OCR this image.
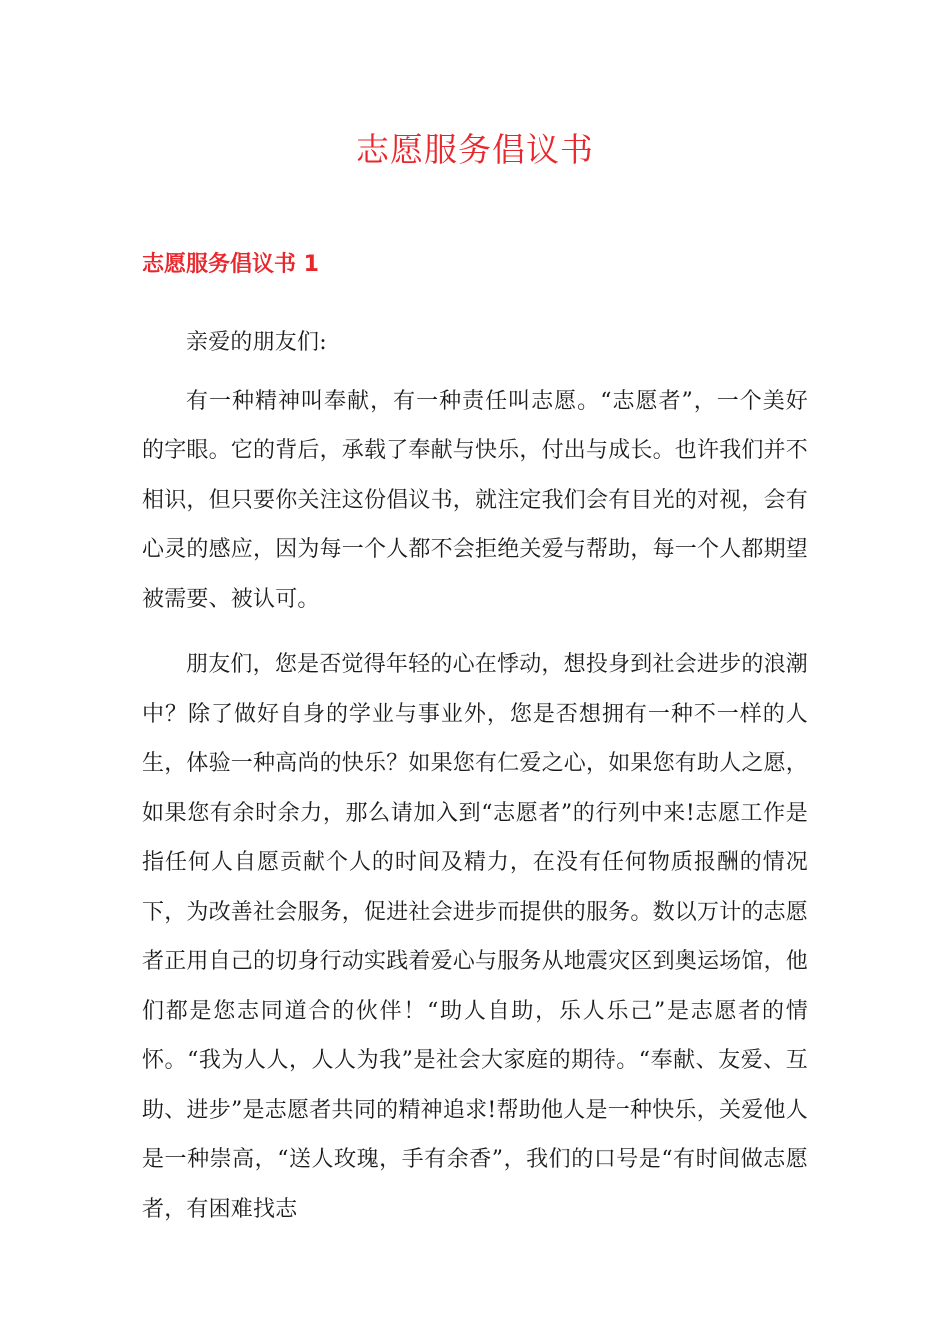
志愿服务倡议书
志愿服务倡议书 1

亲爱的朋友们:

有一种精神叫奉献，有一种责任叫志愿。“志愿者”，一个美好的字眼。它的背后，承载了奉献与快乐，付出与成长。也许我们并不相识，但只要你关注这份倡议书，就注定我们会有目光的对视，会有心灵的感应，因为每一个人都不会拒绝关爱与帮助，每一个人都期望被需要、被认可。

朋友们，您是否觉得年轻的心在悸动，想投身到社会进步的浪潮中？除了做好自身的学业与事业外，您是否想拥有一种不一样的人生，体验一种高尚的快乐？如果您有仁爱之心，如果您有助人之愿，如果您有余时余力，那么请加入到“志愿者”的行列中来!志愿工作是指任何人自愿贡献个人的时间及精力，在没有任何物质报酬的情况下，为改善社会服务，促进社会进步而提供的服务。数以万计的志愿者正用自己的切身行动实践着爱心与服务从地震灾区到奥运场馆，他们都是您志同道合的伙伴！“助人自助，乐人乐己”是志愿者的情怀。“我为人人，人人为我”是社会大家庭的期待。“奉献、友爱、互助、进步”是志愿者共同的精神追求!帮助他人是一种快乐，关爱他人是一种崇高，“送人玫瑰，手有余香”，我们的口号是“有时间做志愿者，有困难找志
